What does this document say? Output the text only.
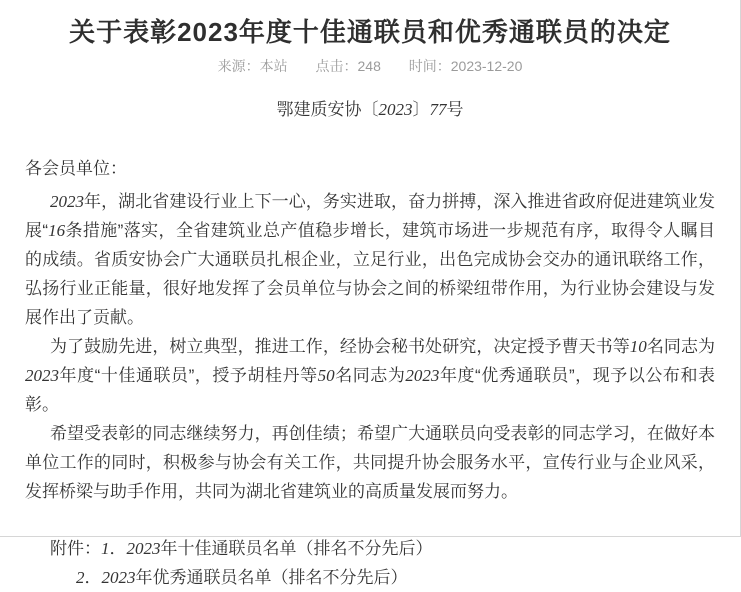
关于表彰2023年度十佳通联员和优秀通联员的决定
来源：本站 点击：248 时间：2023-12-20
鄂建质安协〔2023〕77号

各会员单位：

2023年，湖北省建设行业上下一心，务实进取，奋力拼搏，深入推进省政府促进建筑业发展“16条措施”落实，全省建筑业总产值稳步增长，建筑市场进一步规范有序，取得令人瞩目的成绩。省质安协会广大通联员扎根企业，立足行业，出色完成协会交办的通讯联络工作，弘扬行业正能量，很好地发挥了会员单位与协会之间的桥梁纽带作用，为行业协会建设与发展作出了贡献。

为了鼓励先进，树立典型，推进工作，经协会秘书处研究，决定授予曹天书等10名同志为2023年度“十佳通联员”，授予胡桂丹等50名同志为2023年度“优秀通联员”，现予以公布和表彰。

希望受表彰的同志继续努力，再创佳绩；希望广大通联员向受表彰的同志学习，在做好本单位工作的同时，积极参与协会有关工作，共同提升协会服务水平，宣传行业与企业风采，发挥桥梁与助手作用，共同为湖北省建筑业的高质量发展而努力。

附件：1．2023年十佳通联员名单（排名不分先后）

2．2023年优秀通联员名单（排名不分先后）
